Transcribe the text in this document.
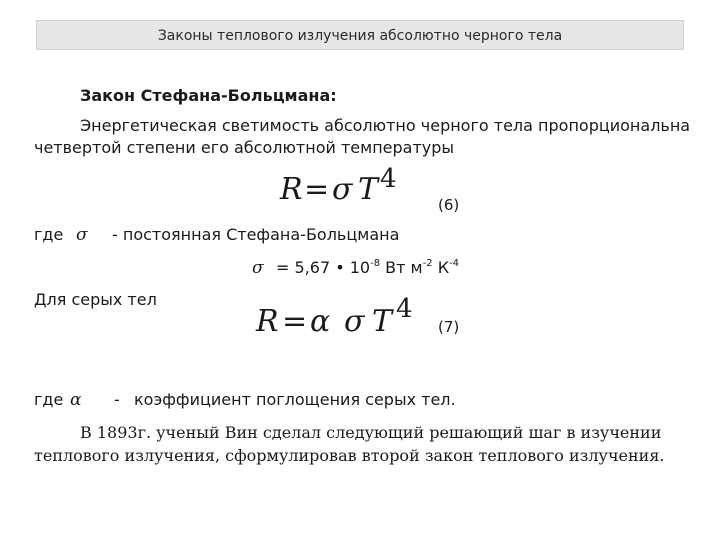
Законы теплового излучения абсолютно черного тела
Закон Стефана-Больцмана:
Энергетическая светимость абсолютно черного тела пропорциональна
четвертой степени его абсолютной температуры
R = σ T 4
(6)
где σ - постоянная Стефана-Больцмана
σ = 5,67 • $10^{-8}$ Вт $м^{-2}$ $К^{-4}$
Для серых тел
R = α σ T 4
(7)
где α - коэффициент поглощения серых тел.
В 1893г. ученый Вин сделал следующий решающий шаг в изучении
теплового излучения, сформулировав второй закон теплового излучения.
